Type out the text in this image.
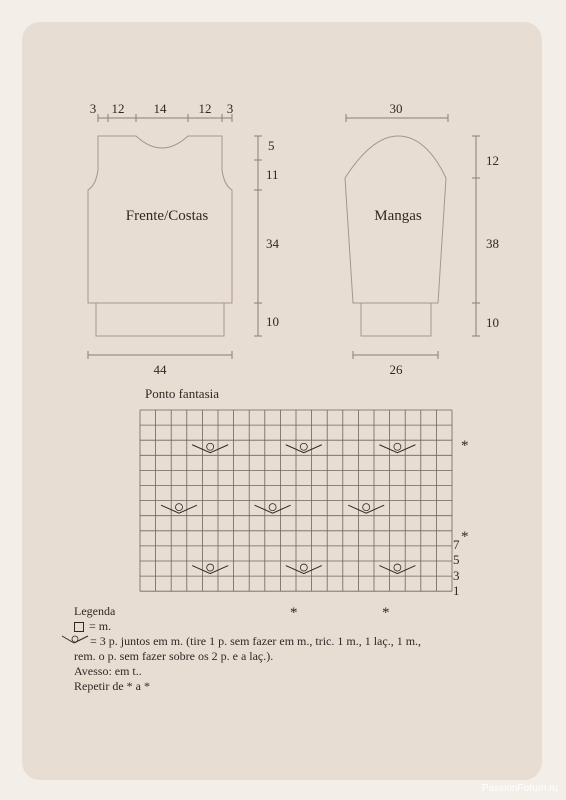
Frente/Costas
3 12 14 12 3
5
11
34
10
44
Mangas
30
12
38
10
26
Ponto fantasia
*
*
*	*
7
5
3
1
Legenda
= m.
= 3 p. juntos em m. (tire 1 p. sem fazer em m., tric. 1 m., 1 laç., 1 m.,
rem. o p. sem fazer sobre os 2 p. e a laç.).
Avesso: em t..
Repetir de * a *
PassionForum.ru
